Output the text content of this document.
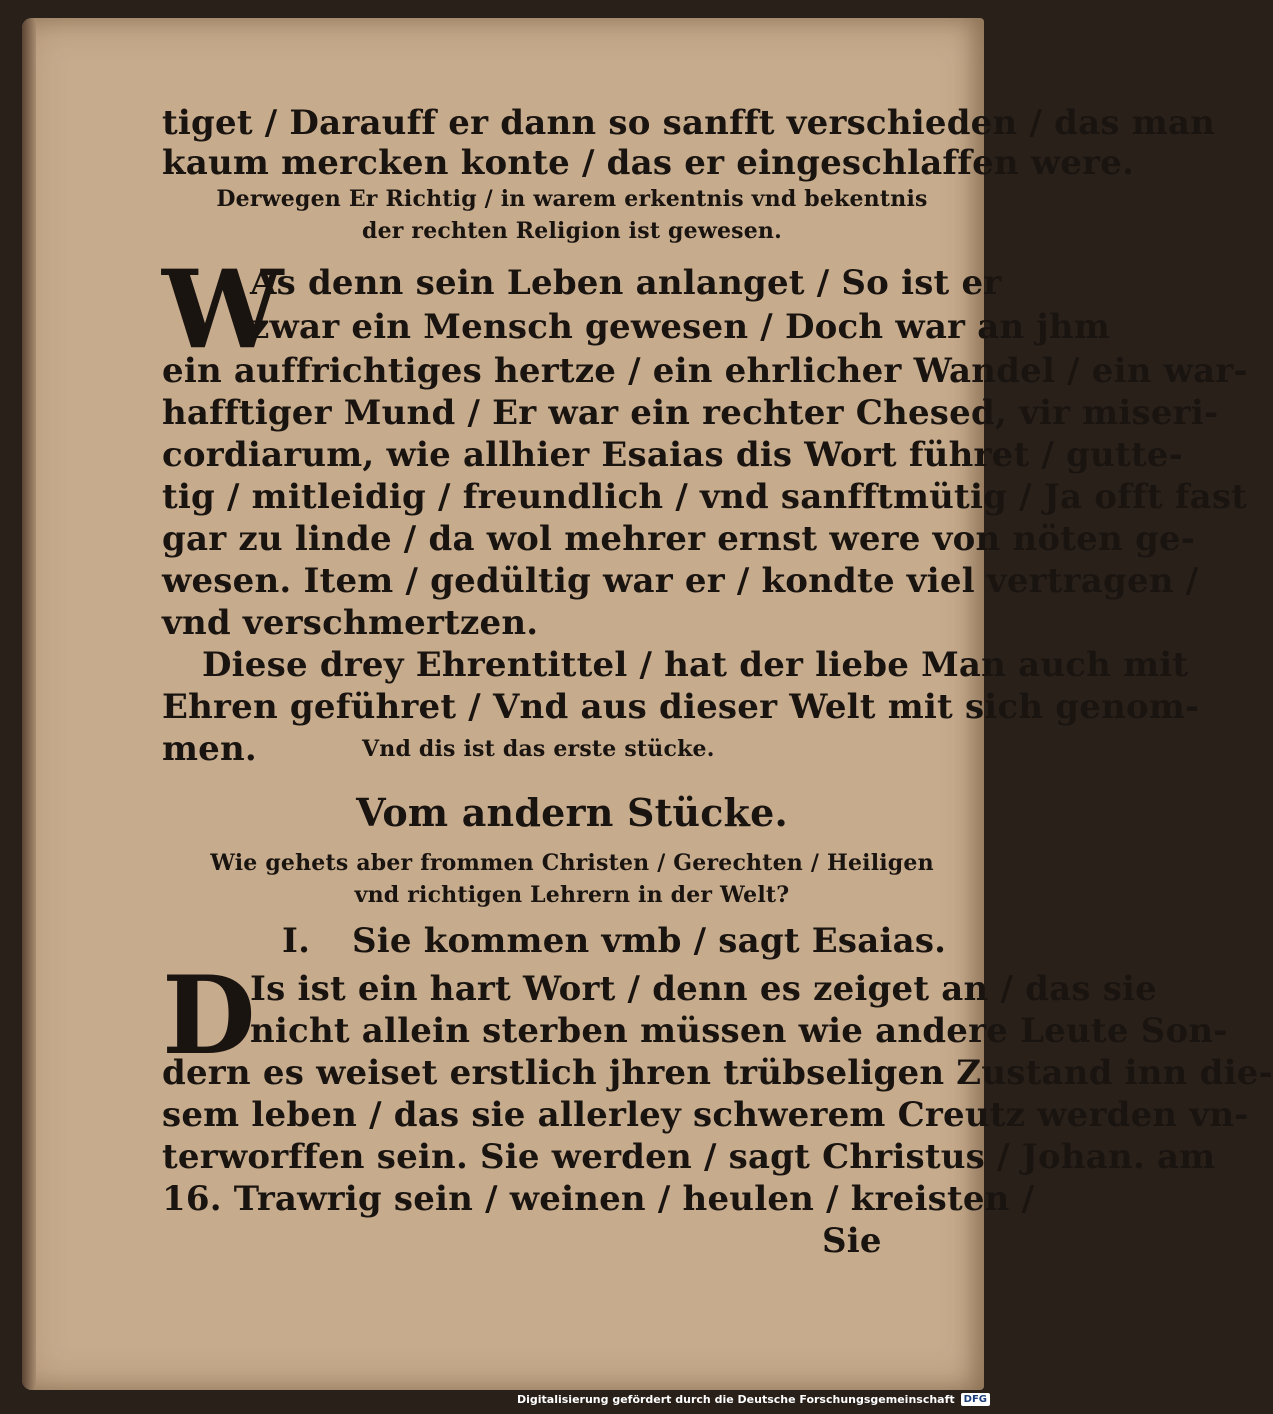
tiget / Darauff er dann so sanfft verschieden / das man
kaum mercken konte / das er eingeschlaffen were.
Derwegen Er Richtig / in warem erkentnis vnd bekentnis
der rechten Religion ist gewesen.
W
As denn sein Leben anlanget / So ist er
zwar ein Mensch gewesen / Doch war an jhm
ein auffrichtiges hertze / ein ehrlicher Wandel / ein war-
hafftiger Mund / Er war ein rechter Chesed, vir miseri-
cordiarum, wie allhier Esaias dis Wort führet / gutte-
tig / mitleidig / freundlich / vnd sanfftmütig / Ja offt fast
gar zu linde / da wol mehrer ernst were von nöten ge-
wesen. Item / gedültig war er / kondte viel vertragen /
vnd verschmertzen.
Diese drey Ehrentittel / hat der liebe Man auch mit
Ehren geführet / Vnd aus dieser Welt mit sich genom-
men.	Vnd dis ist das erste stücke.
Vom andern Stücke.
Wie gehets aber frommen Christen / Gerechten / Heiligen
vnd richtigen Lehrern in der Welt?
I.	Sie kommen vmb / sagt Esaias.
D
Is ist ein hart Wort / denn es zeiget an / das sie
nicht allein sterben müssen wie andere Leute Son-
dern es weiset erstlich jhren trübseligen Zustand inn die-
sem leben / das sie allerley schwerem Creutz werden vn-
terworffen sein. Sie werden / sagt Christus / Johan. am
16. Trawrig sein / weinen / heulen / kreisten /
Sie
Digitalisierung gefördert durch die Deutsche Forschungsgemeinschaft DFG
